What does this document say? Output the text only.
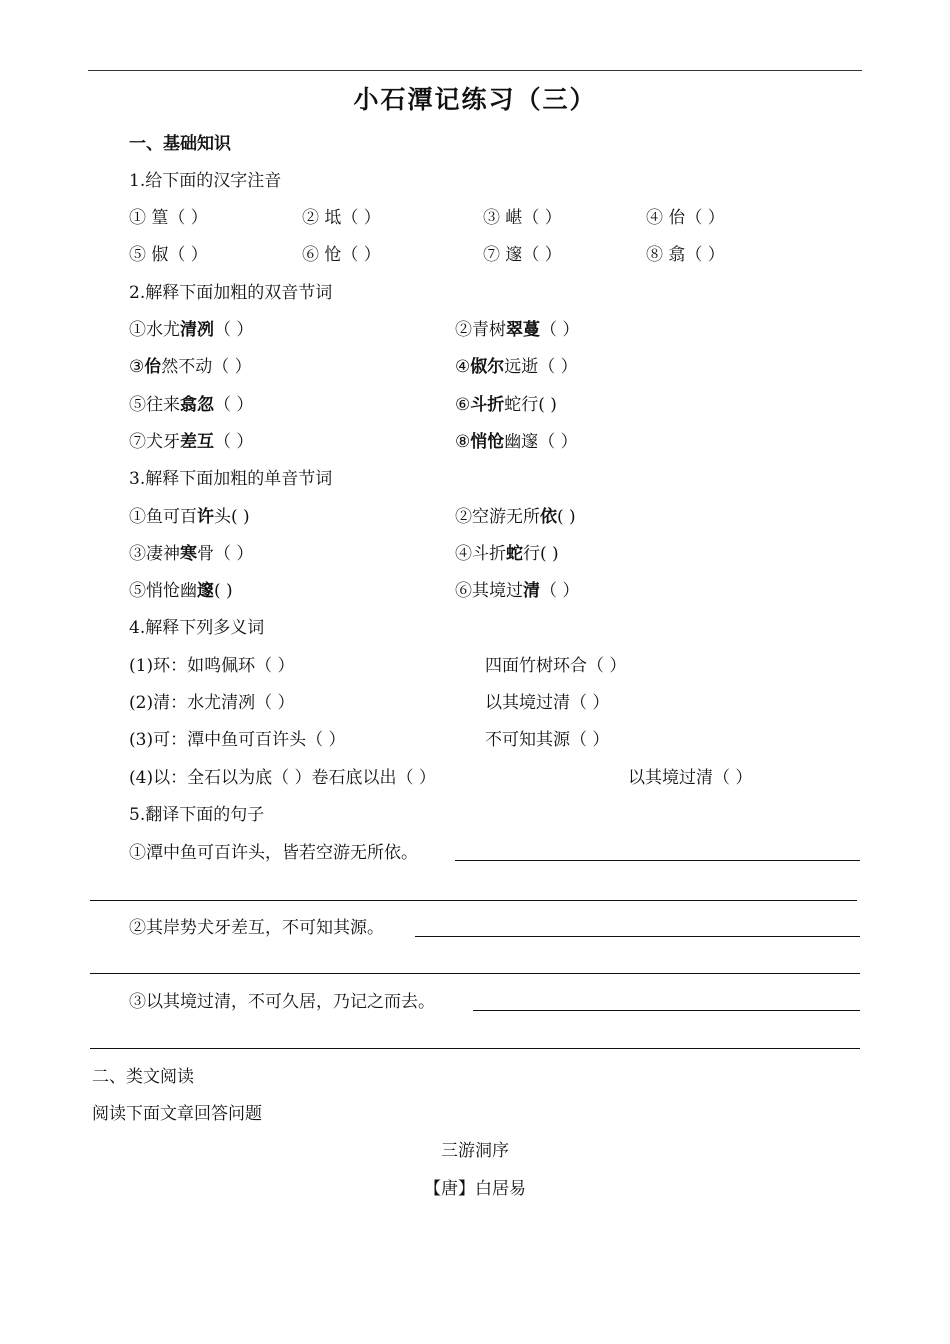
小石潭记练习（三）
一、基础知识
1.给下面的汉字注音
① 篁（ ）	② 坻（ ）	③ 嵁（ ）	④ 佁（ ）
⑤ 俶（ ）	⑥ 怆（ ）	⑦ 邃（ ）	⑧ 翕（ ）
2.解释下面加粗的双音节词
①水尤清冽（ ）	②青树翠蔓（ ）
③佁然不动（ ）	④俶尔远逝（ ）
⑤往来翕忽（ ）	⑥斗折蛇行( )
⑦犬牙差互（ ）	⑧悄怆幽邃（ ）
3.解释下面加粗的单音节词
①鱼可百许头( )	②空游无所依( )
③凄神寒骨（ ）	④斗折蛇行( )
⑤悄怆幽邃( )	⑥其境过清（ ）
4.解释下列多义词
(1)环：如鸣佩环（ ）	四面竹树环合（ ）
(2)清：水尤清冽（ ）	以其境过清（ ）
(3)可：潭中鱼可百许头（ ）	不可知其源（ ）
(4)以：全石以为底（ ）卷石底以出（ ）	以其境过清（ ）
5.翻译下面的句子
①潭中鱼可百许头，皆若空游无所依。
②其岸势犬牙差互，不可知其源。
③以其境过清，不可久居，乃记之而去。
二、类文阅读
阅读下面文章回答问题
三游洞序
【唐】白居易
